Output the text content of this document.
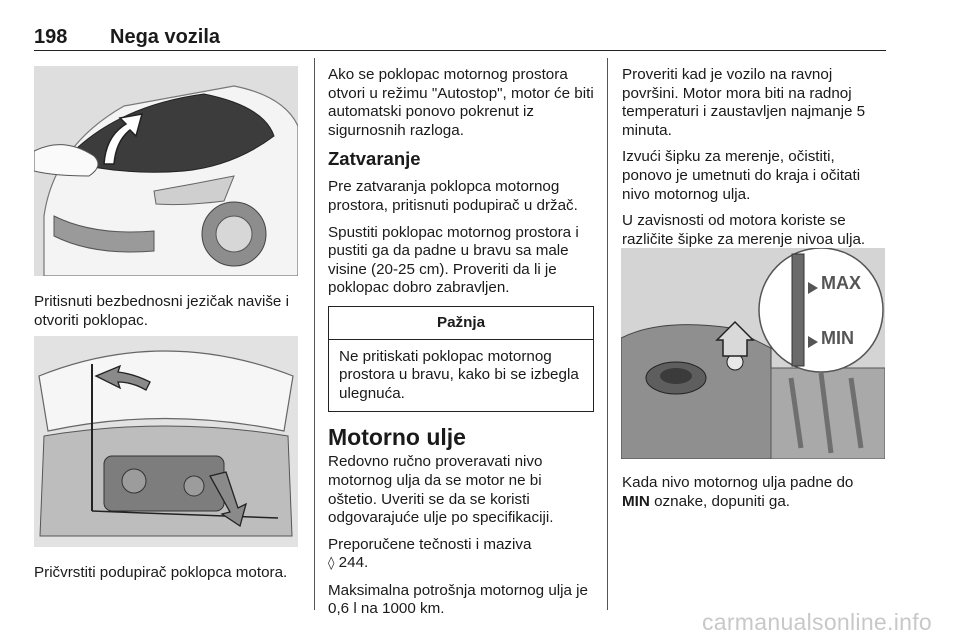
198 Nega vozila

Pritisnuti bezbednosni jezičak naviše i otvoriti poklopac.

Pričvrstiti podupirač poklopca motora.

Ako se poklopac motornog prostora otvori u režimu "Autostop", motor će biti automatski ponovo pokrenut iz sigurnosnih razloga.

Zatvaranje

Pre zatvaranja poklopca motornog prostora, pritisnuti podupirač u držač.

Spustiti poklopac motornog prostora i pustiti ga da padne u bravu sa male visine (20-25 cm). Proveriti da li je poklopac dobro zabravljen.

Pažnja
Ne pritiskati poklopac motornog prostora u bravu, kako bi se izbegla ulegnuća.
Motorno ulje

Redovno ručno proveravati nivo motornog ulja da se motor ne bi oštetio. Uveriti se da se koristi odgovarajuće ulje po specifikaciji.

Preporučene tečnosti i maziva
◊ 244.

Maksimalna potrošnja motornog ulja je 0,6 l na 1000 km.

Proveriti kad je vozilo na ravnoj površini. Motor mora biti na radnoj temperaturi i zaustavljen najmanje 5 minuta.

Izvući šipku za merenje, očistiti, ponovo je umetnuti do kraja i očitati nivo motornog ulja.

U zavisnosti od motora koriste se različite šipke za merenje nivoa ulja.

MAX
MIN

Kada nivo motornog ulja padne do
MIN oznake, dopuniti ga.

carmanualsonline.info
